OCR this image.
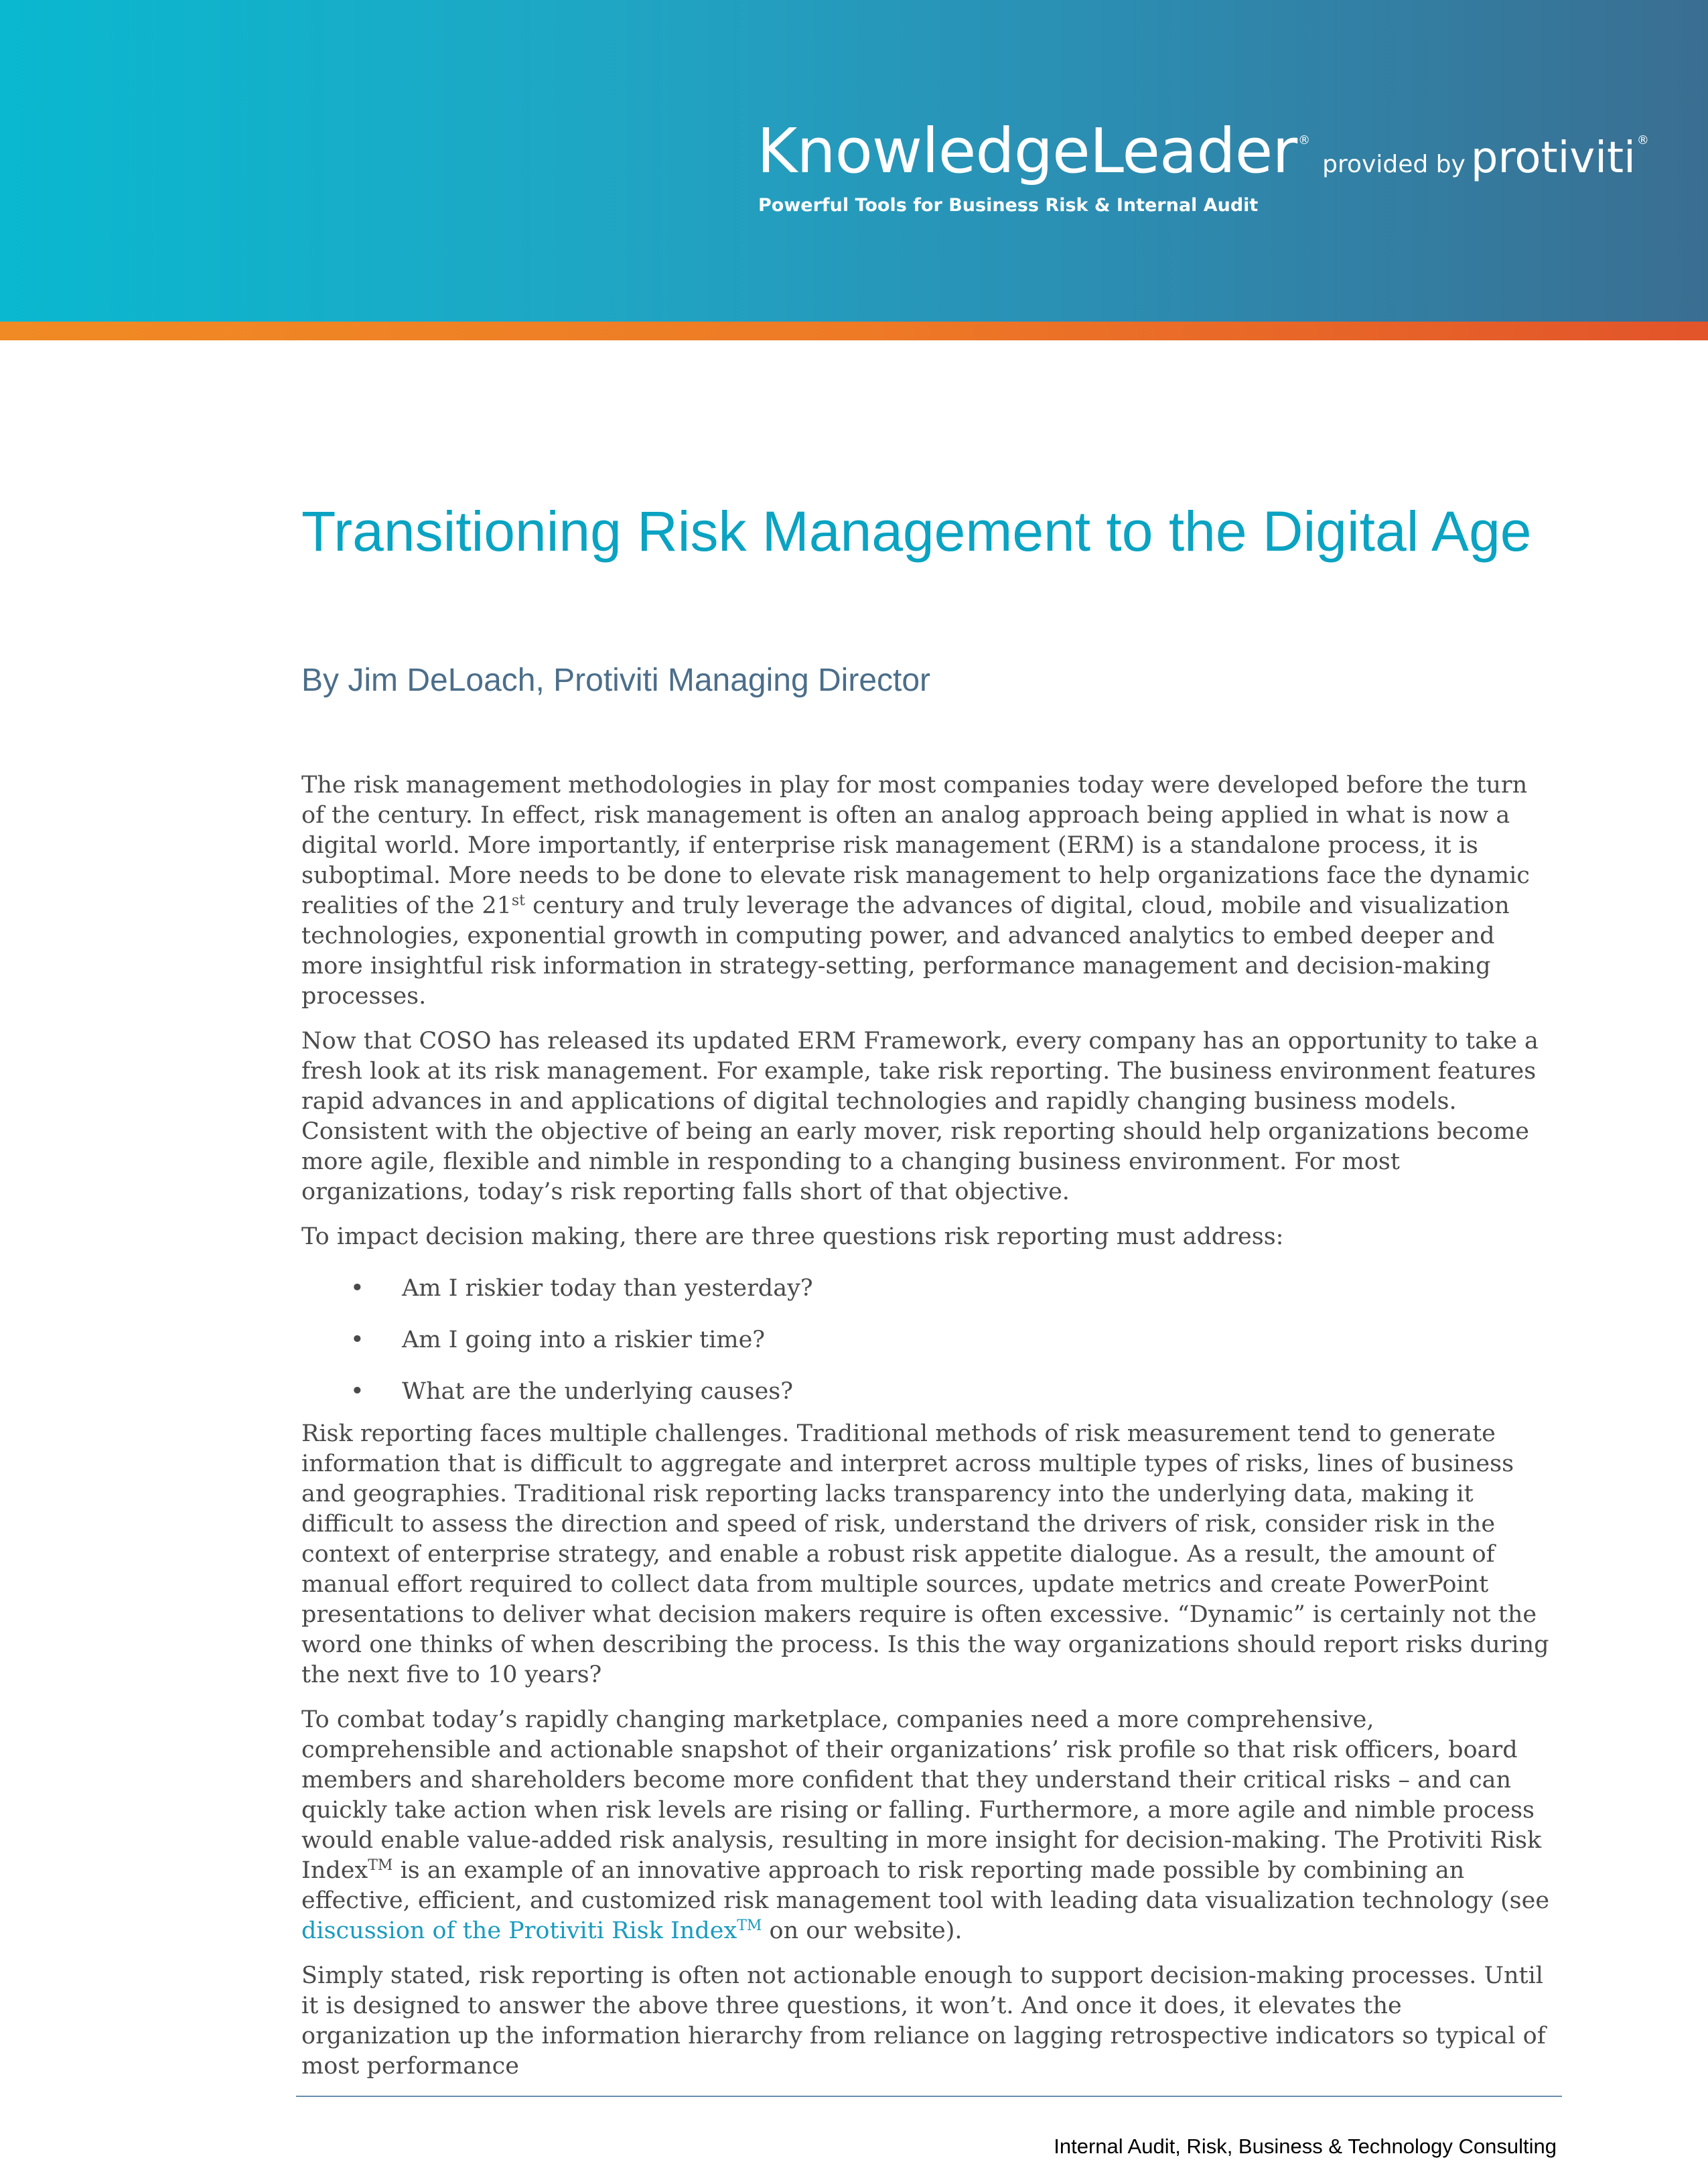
KnowledgeLeader ®provided by protiviti ®
Powerful Tools for Business Risk & Internal Audit
Transitioning Risk Management to the Digital Age
By Jim DeLoach, Protiviti Managing Director

The risk management methodologies in play for most companies today were developed before the turn of the century. In effect, risk management is often an analog approach being applied in what is now a digital world. More importantly, if enterprise risk management (ERM) is a standalone process, it is suboptimal. More needs to be done to elevate risk management to help organizations face the dynamic realities of the 21st century and truly leverage the advances of digital, cloud, mobile and visualization technologies, exponential growth in computing power, and advanced analytics to embed deeper and more insightful risk information in strategy-setting, performance management and decision-making processes.

Now that COSO has released its updated ERM Framework, every company has an opportunity to take a fresh look at its risk management. For example, take risk reporting. The business environment features rapid advances in and applications of digital technologies and rapidly changing business models. Consistent with the objective of being an early mover, risk reporting should help organizations become more agile, flexible and nimble in responding to a changing business environment. For most organizations, today’s risk reporting falls short of that objective.

To impact decision making, there are three questions risk reporting must address:

• Am I riskier today than yesterday?
• Am I going into a riskier time?
• What are the underlying causes?

Risk reporting faces multiple challenges. Traditional methods of risk measurement tend to generate information that is difficult to aggregate and interpret across multiple types of risks, lines of business and geographies. Traditional risk reporting lacks transparency into the underlying data, making it difficult to assess the direction and speed of risk, understand the drivers of risk, consider risk in the context of enterprise strategy, and enable a robust risk appetite dialogue. As a result, the amount of manual effort required to collect data from multiple sources, update metrics and create PowerPoint presentations to deliver what decision makers require is often excessive. “Dynamic” is certainly not the word one thinks of when describing the process. Is this the way organizations should report risks during the next five to 10 years?

To combat today’s rapidly changing marketplace, companies need a more comprehensive, comprehensible and actionable snapshot of their organizations’ risk profile so that risk officers, board members and shareholders become more confident that they understand their critical risks – and can quickly take action when risk levels are rising or falling. Furthermore, a more agile and nimble process would enable value-added risk analysis, resulting in more insight for decision-making. The Protiviti Risk Index™ is an example of an innovative approach to risk reporting made possible by combining an effective, efficient, and customized risk management tool with leading data visualization technology (see discussion of the Protiviti Risk Index™ on our website).

Simply stated, risk reporting is often not actionable enough to support decision-making processes. Until it is designed to answer the above three questions, it won’t. And once it does, it elevates the organization up the information hierarchy from reliance on lagging retrospective indicators so typical of most performance

Internal Audit, Risk, Business & Technology Consulting
